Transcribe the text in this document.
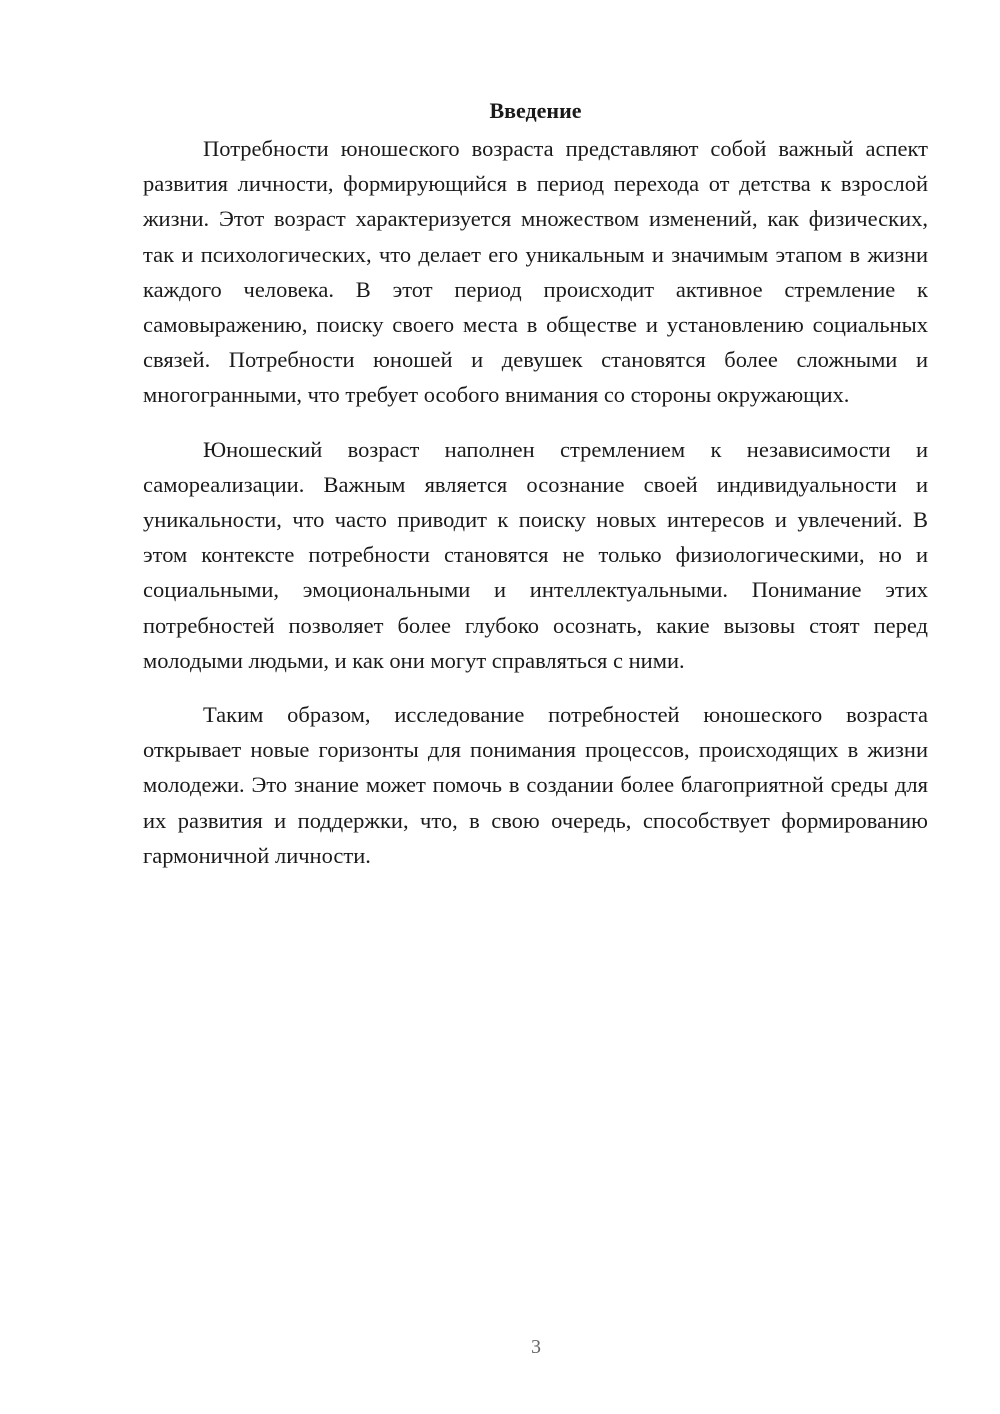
Введение

Потребности юношеского возраста представляют собой важный аспект развития личности, формирующийся в период перехода от детства к взрослой жизни. Этот возраст характеризуется множеством изменений, как физических, так и психологических, что делает его уникальным и значимым этапом в жизни каждого человека. В этот период происходит активное стремление к самовыражению, поиску своего места в обществе и установлению социальных связей. Потребности юношей и девушек становятся более сложными и многогранными, что требует особого внимания со стороны окружающих.

Юношеский возраст наполнен стремлением к независимости и самореализации. Важным является осознание своей индивидуальности и уникальности, что часто приводит к поиску новых интересов и увлечений. В этом контексте потребности становятся не только физиологическими, но и социальными, эмоциональными и интеллектуальными. Понимание этих потребностей позволяет более глубоко осознать, какие вызовы стоят перед молодыми людьми, и как они могут справляться с ними.

Таким образом, исследование потребностей юношеского возраста открывает новые горизонты для понимания процессов, происходящих в жизни молодежи. Это знание может помочь в создании более благоприятной среды для их развития и поддержки, что, в свою очередь, способствует формированию гармоничной личности.

3
